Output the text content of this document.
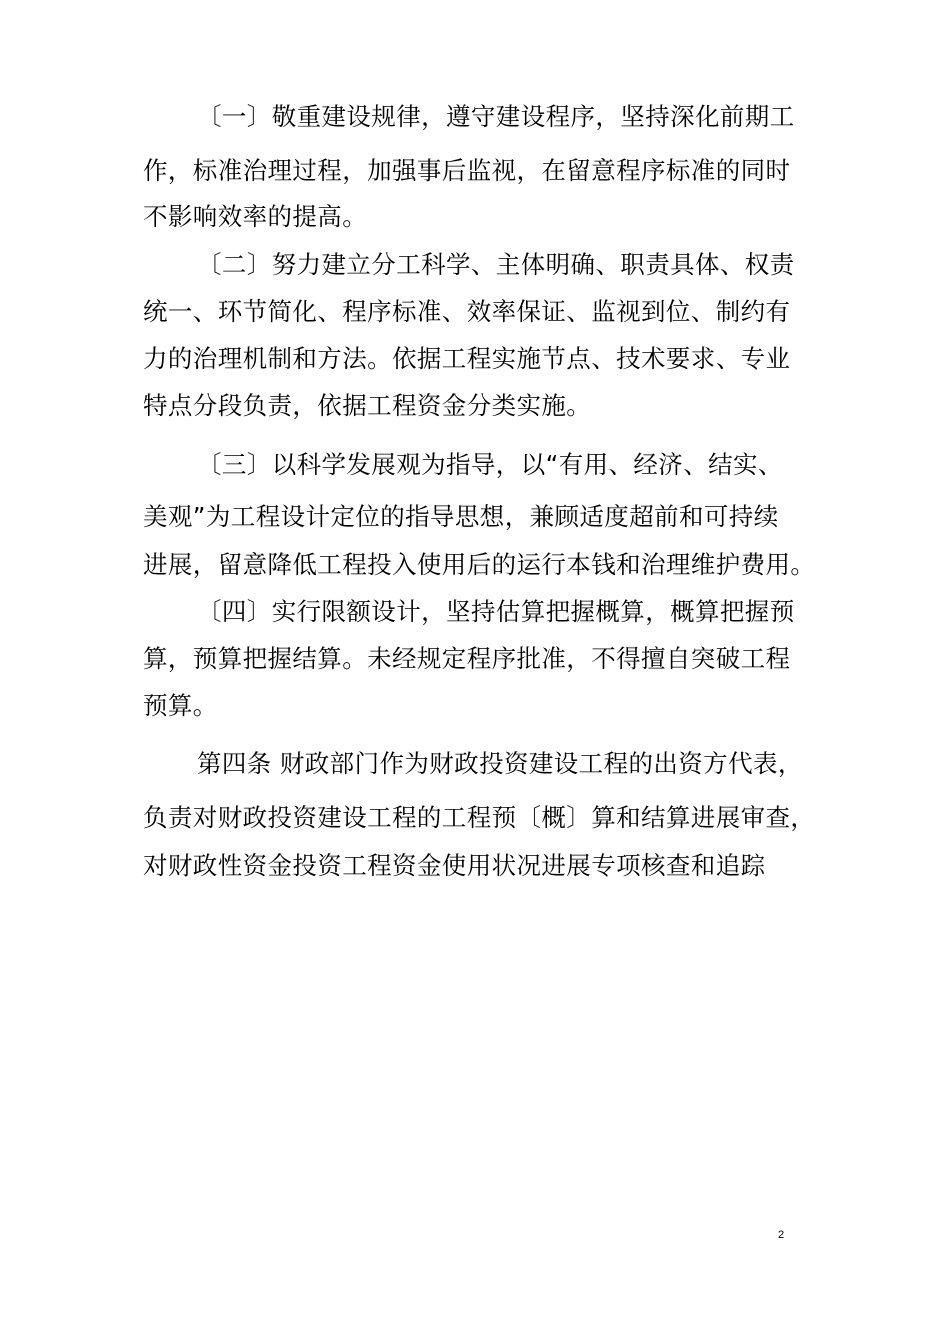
〔一〕敬重建设规律，遵守建设程序，坚持深化前期工
作，标准治理过程，加强事后监视，在留意程序标准的同时
不影响效率的提高。
〔二〕努力建立分工科学、主体明确、职责具体、权责
统一、环节简化、程序标准、效率保证、监视到位、制约有
力的治理机制和方法。依据工程实施节点、技术要求、专业
特点分段负责，依据工程资金分类实施。
〔三〕以科学发展观为指导，以“有用、经济、结实、
美观”为工程设计定位的指导思想，兼顾适度超前和可持续
进展，留意降低工程投入使用后的运行本钱和治理维护费用。
〔四〕实行限额设计，坚持估算把握概算，概算把握预
算，预算把握结算。未经规定程序批准，不得擅自突破工程
预算。
第四条 财政部门作为财政投资建设工程的出资方代表，
负责对财政投资建设工程的工程预〔概〕算和结算进展审查，
对财政性资金投资工程资金使用状况进展专项核查和追踪
2
